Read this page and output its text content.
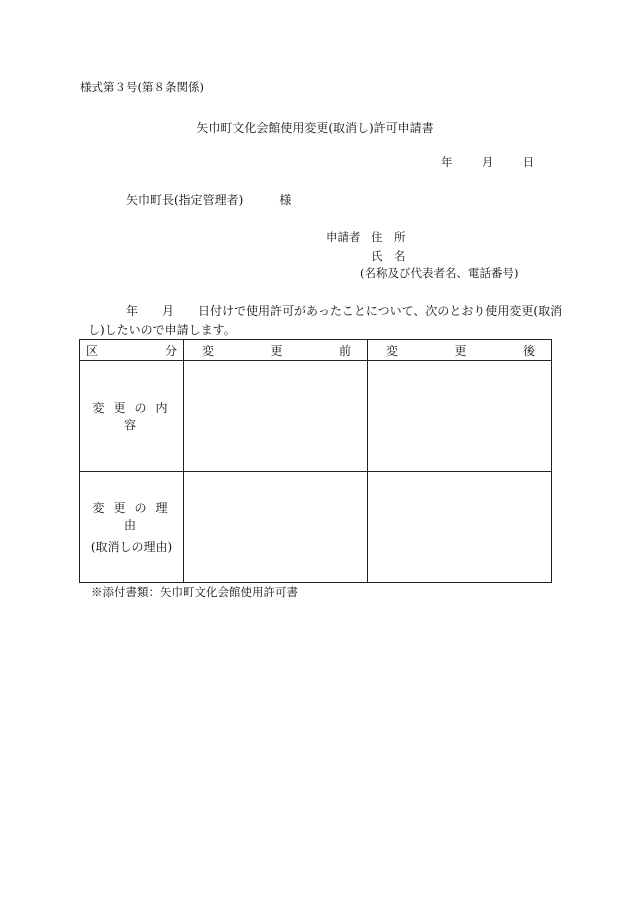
様式第３号(第８条関係)
矢巾町文化会館使用変更(取消し)許可申請書
年	月	日
矢巾町長(指定管理者)	様
申請者 住　所
氏　名
(名称及び代表者名、電話番号)
年　　月　　日付けで使用許可があったことについて、次のとおり使用変更(取消
し)したいので申請します。
区 分	変 更 前	変 更 後

変更の内容		

変更の理由
(取消しの理由)		

※添付書類：矢巾町文化会館使用許可書
